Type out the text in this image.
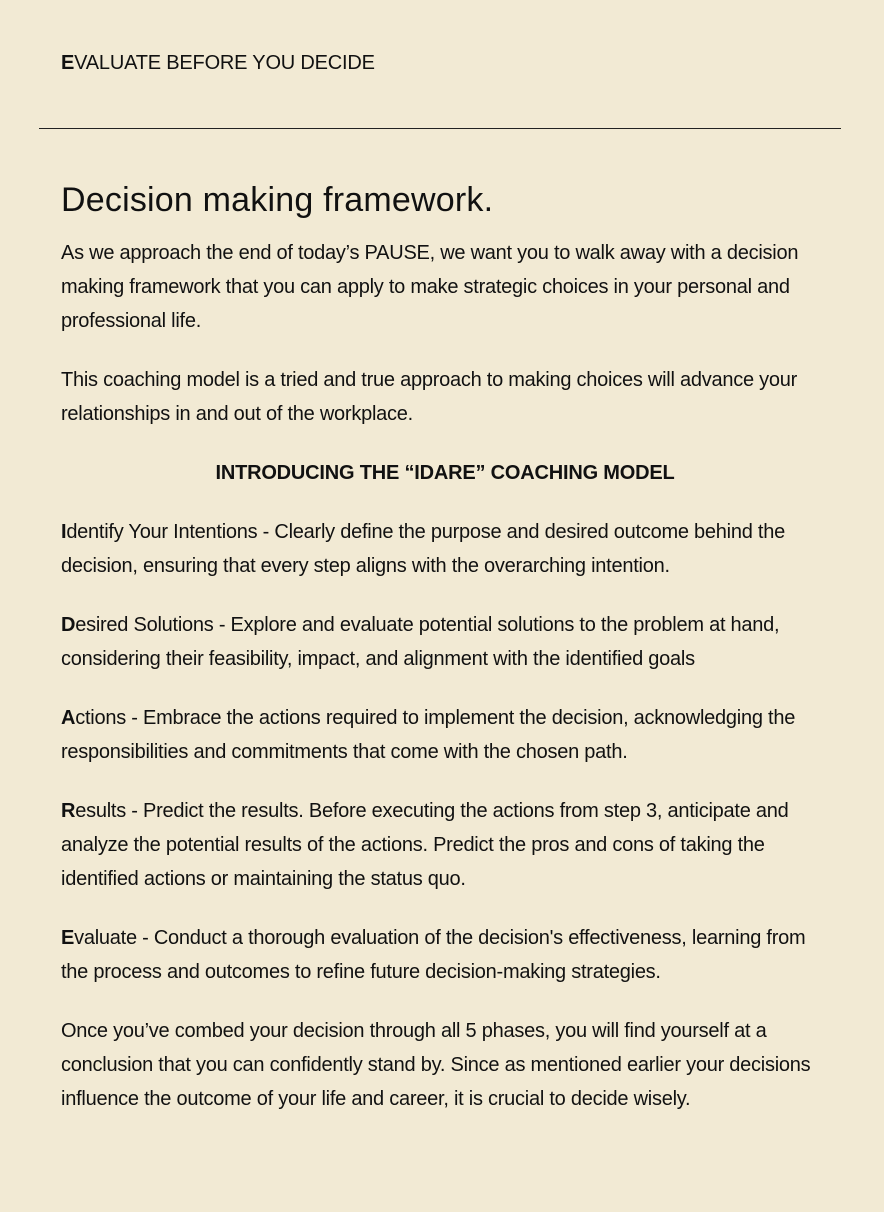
EVALUATE BEFORE YOU DECIDE
Decision making framework.

As we approach the end of today’s PAUSE, we want you to walk away with a decision making framework that you can apply to make strategic choices in your personal and professional life.

This coaching model is a tried and true approach to making choices will advance your relationships in and out of the workplace.

INTRODUCING THE “IDARE” COACHING MODEL

Identify Your Intentions - Clearly define the purpose and desired outcome behind the decision, ensuring that every step aligns with the overarching intention.

Desired Solutions - Explore and evaluate potential solutions to the problem at hand, considering their feasibility, impact, and alignment with the identified goals

Actions - Embrace the actions required to implement the decision, acknowledging the responsibilities and commitments that come with the chosen path.

Results - Predict the results. Before executing the actions from step 3, anticipate and analyze the potential results of the actions. Predict the pros and cons of taking the identified actions or maintaining the status quo.

Evaluate - Conduct a thorough evaluation of the decision's effectiveness, learning from the process and outcomes to refine future decision-making strategies.

Once you’ve combed your decision through all 5 phases, you will find yourself at a conclusion that you can confidently stand by. Since as mentioned earlier your decisions influence the outcome of your life and career, it is crucial to decide wisely.
